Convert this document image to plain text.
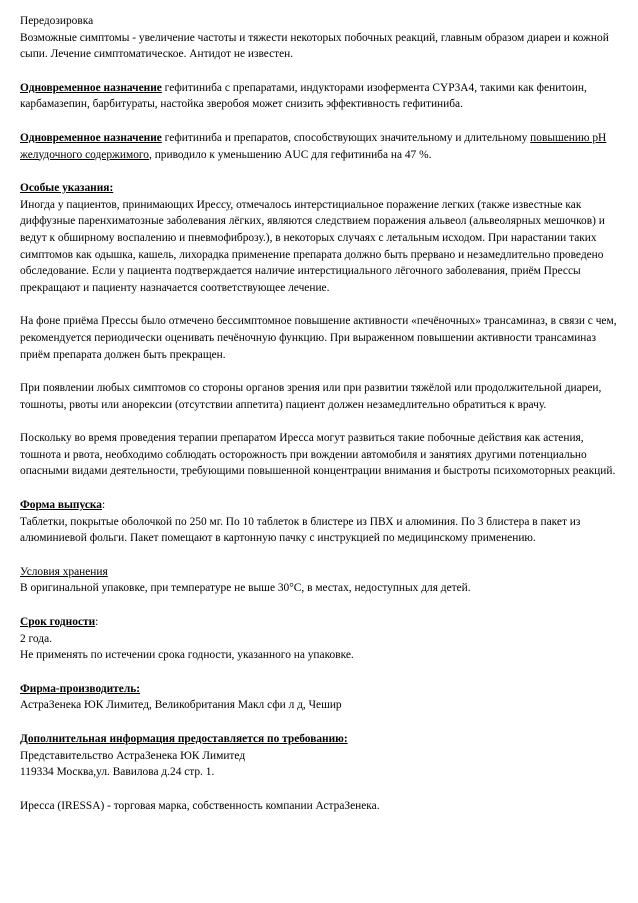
Передозировка

Возможные симптомы - увеличение частоты и тяжести некоторых побочных реакций, главным образом диареи и кожной сыпи. Лечение симптоматическое. Антидот не известен.

Одновременное назначение гефитиниба с препаратами, индукторами изофермента CYP3A4, такими как фенитоин, карбамазепин, барбитураты, настойка зверобоя может снизить эффективность гефитиниба.

Одновременное назначение гефитиниба и препаратов, способствующих значительному и длительному повышению pH желудочного содержимого, приводило к уменьшению AUC для гефитиниба на 47 %.

Особые указания:

Иногда у пациентов, принимающих Ирессу, отмечалось интерстициальное поражение легких (также известные как диффузные паренхиматозные заболевания лёгких, являются следствием поражения альвеол (альвеолярных мешочков) и ведут к обширному воспалению и пневмофиброзу.), в некоторых случаях с летальным исходом. При нарастании таких симптомов как одышка, кашель, лихорадка применение препарата должно быть прервано и незамедлительно проведено обследование. Если у пациента подтверждается наличие интерстициального лёгочного заболевания, приём Прессы прекращают и пациенту назначается соответствующее лечение.

На фоне приёма Прессы было отмечено бессимптомное повышение активности «печёночных» трансаминаз, в связи с чем, рекомендуется периодически оценивать печёночную функцию. При выраженном повышении активности трансаминаз приём препарата должен быть прекращен.

При появлении любых симптомов со стороны органов зрения или при развитии тяжёлой или продолжительной диареи, тошноты, рвоты или анорексии (отсутствии аппетита) пациент должен незамедлительно обратиться к врачу.

Поскольку во время проведения терапии препаратом Иресса могут развиться такие побочные действия как астения, тошнота и рвота, необходимо соблюдать осторожность при вождении автомобиля и занятиях другими потенциально опасными видами деятельности, требующими повышенной концентрации внимания и быстроты психомоторных реакций.

Форма выпуска:

Таблетки, покрытые оболочкой по 250 мг. По 10 таблеток в блистере из ПВХ и алюминия. По 3 блистера в пакет из алюминиевой фольги. Пакет помещают в картонную пачку с инструкцией по медицинскому применению.

Условия хранения

В оригинальной упаковке, при температуре не выше 30°C, в местах, недоступных для детей.

Срок годности:

2 года.

Не применять по истечении срока годности, указанного на упаковке.

Фирма-производитель:

АстраЗенека ЮК Лимитед, Великобритания Макл сфи л д, Чешир

Дополнительная информация предоставляется по требованию:

Представительство АстраЗенека ЮК Лимитед

119334 Москва,ул. Вавилова д.24 стр. 1.

Иресса (IRESSA) - торговая марка, собственность компании АстраЗенека.
